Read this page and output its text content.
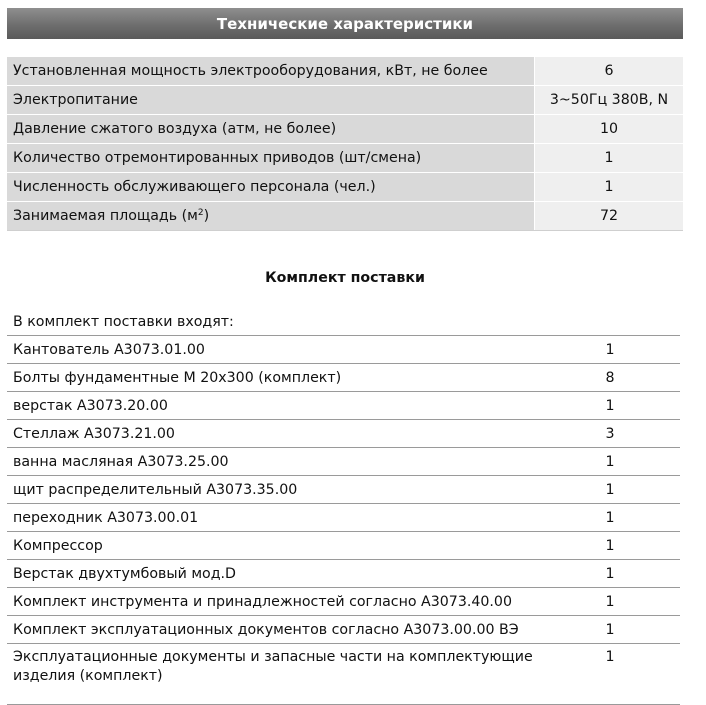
Технические характеристики
Установленная мощность электрооборудования, кВт, не более		6
Электропитание		3~50Гц 380В, N
Давление сжатого воздуха (атм, не более)		10
Количество отремонтированных приводов (шт/смена)		1
Численность обслуживающего персонала (чел.)		1
Занимаемая площадь $(м^2)$		72
Комплект поставки
В комплект поставки входят:	
Кантователь А3073.01.00	1
Болты фундаментные М 20х300 (комплект)	8
верстак А3073.20.00	1
Стеллаж А3073.21.00	3
ванна масляная А3073.25.00	1
щит распределительный А3073.35.00	1
переходник А3073.00.01	1
Компрессор	1
Верстак двухтумбовый мод.D	1
Комплект инструмента и принадлежностей согласно А3073.40.00	1
Комплект эксплуатационных документов согласно А3073.00.00 ВЭ	1
Эксплуатационные документы и запасные части на комплектующие изделия (комплект)	1
